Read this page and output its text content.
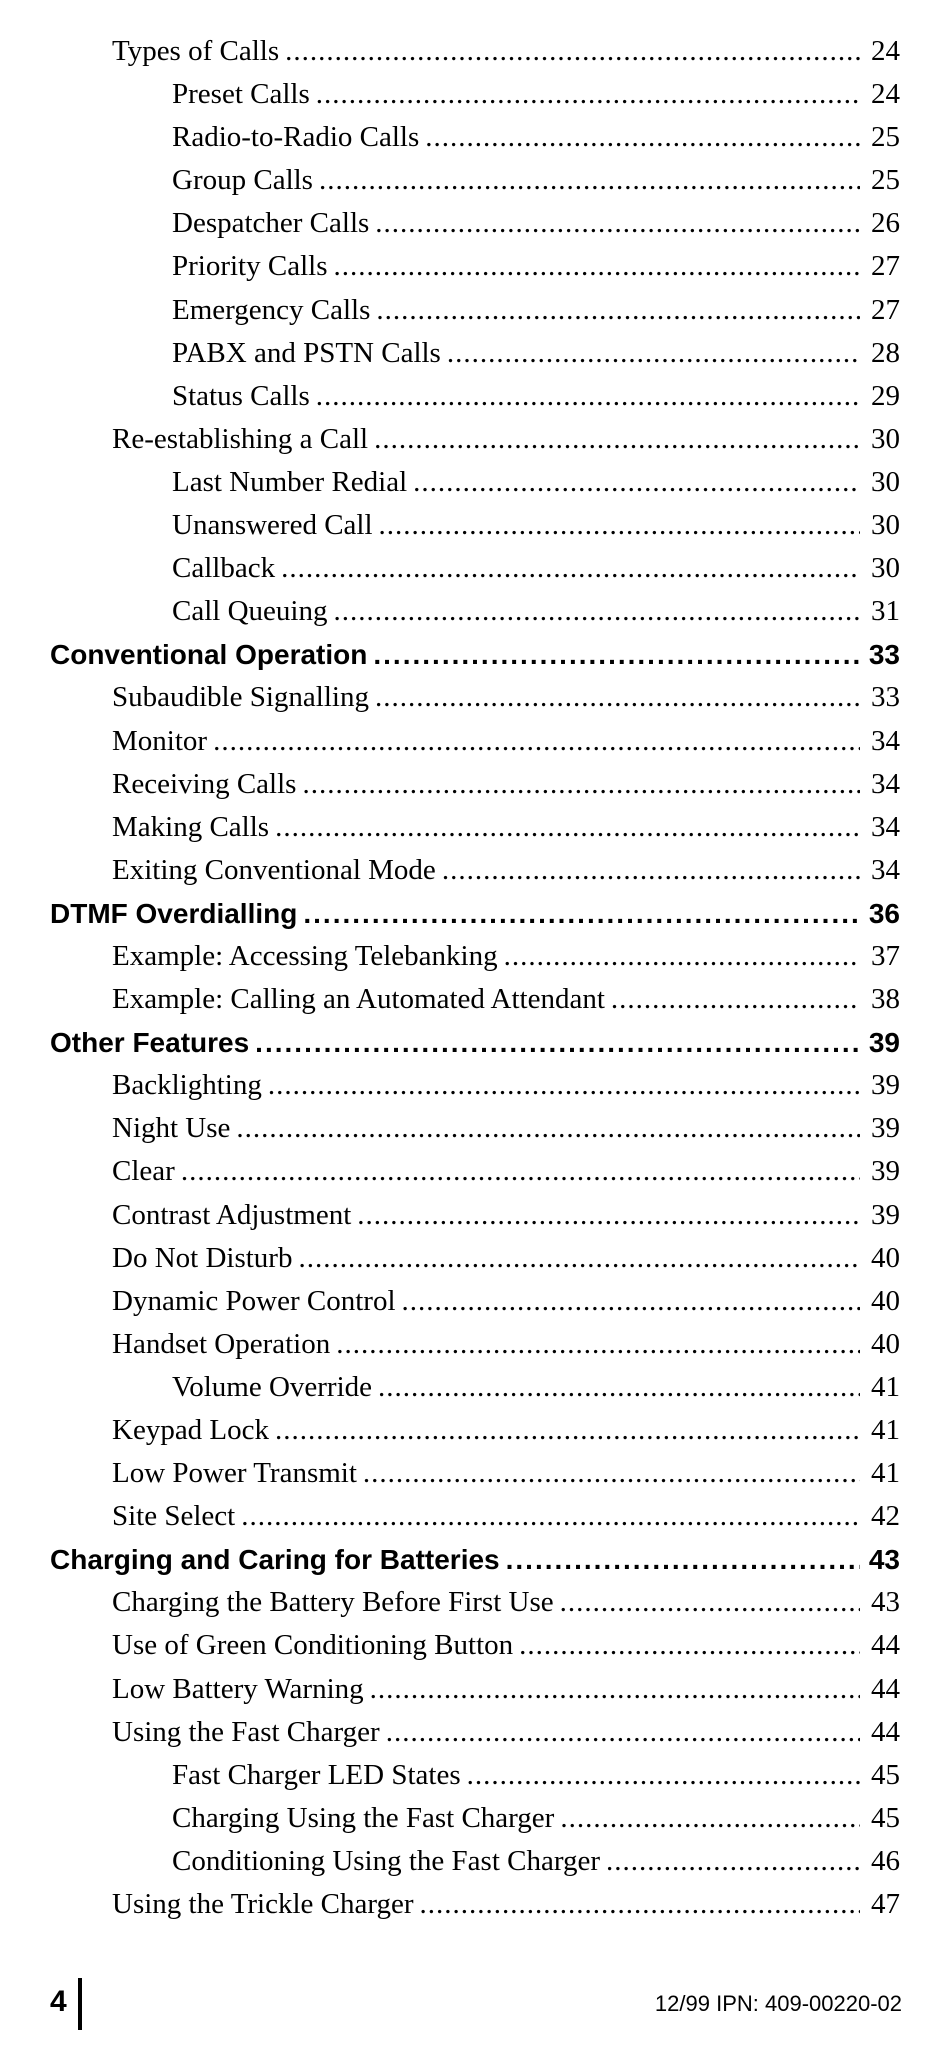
Types of Calls .....	24
Preset Calls .....	24
Radio-to-Radio Calls .....	25
Group Calls .....	25
Despatcher Calls .....	26
Priority Calls .....	27
Emergency Calls .....	27
PABX and PSTN Calls .....	28
Status Calls .....	29
Re-establishing a Call .....	30
Last Number Redial .....	30
Unanswered Call .....	30
Callback .....	30
Call Queuing .....	31
Conventional Operation .....	33
Subaudible Signalling .....	33
Monitor .....	34
Receiving Calls .....	34
Making Calls .....	34
Exiting Conventional Mode .....	34
DTMF Overdialling .....	36
Example: Accessing Telebanking .....	37
Example: Calling an Automated Attendant .....	38
Other Features .....	39
Backlighting .....	39
Night Use .....	39
Clear .....	39
Contrast Adjustment .....	39
Do Not Disturb .....	40
Dynamic Power Control .....	40
Handset Operation .....	40
Volume Override .....	41
Keypad Lock .....	41
Low Power Transmit .....	41
Site Select .....	42
Charging and Caring for Batteries .....	43
Charging the Battery Before First Use .....	43
Use of Green Conditioning Button .....	44
Low Battery Warning .....	44
Using the Fast Charger .....	44
Fast Charger LED States .....	45
Charging Using the Fast Charger .....	45
Conditioning Using the Fast Charger .....	46
Using the Trickle Charger .....	47
4	12/99 IPN: 409-00220-02
